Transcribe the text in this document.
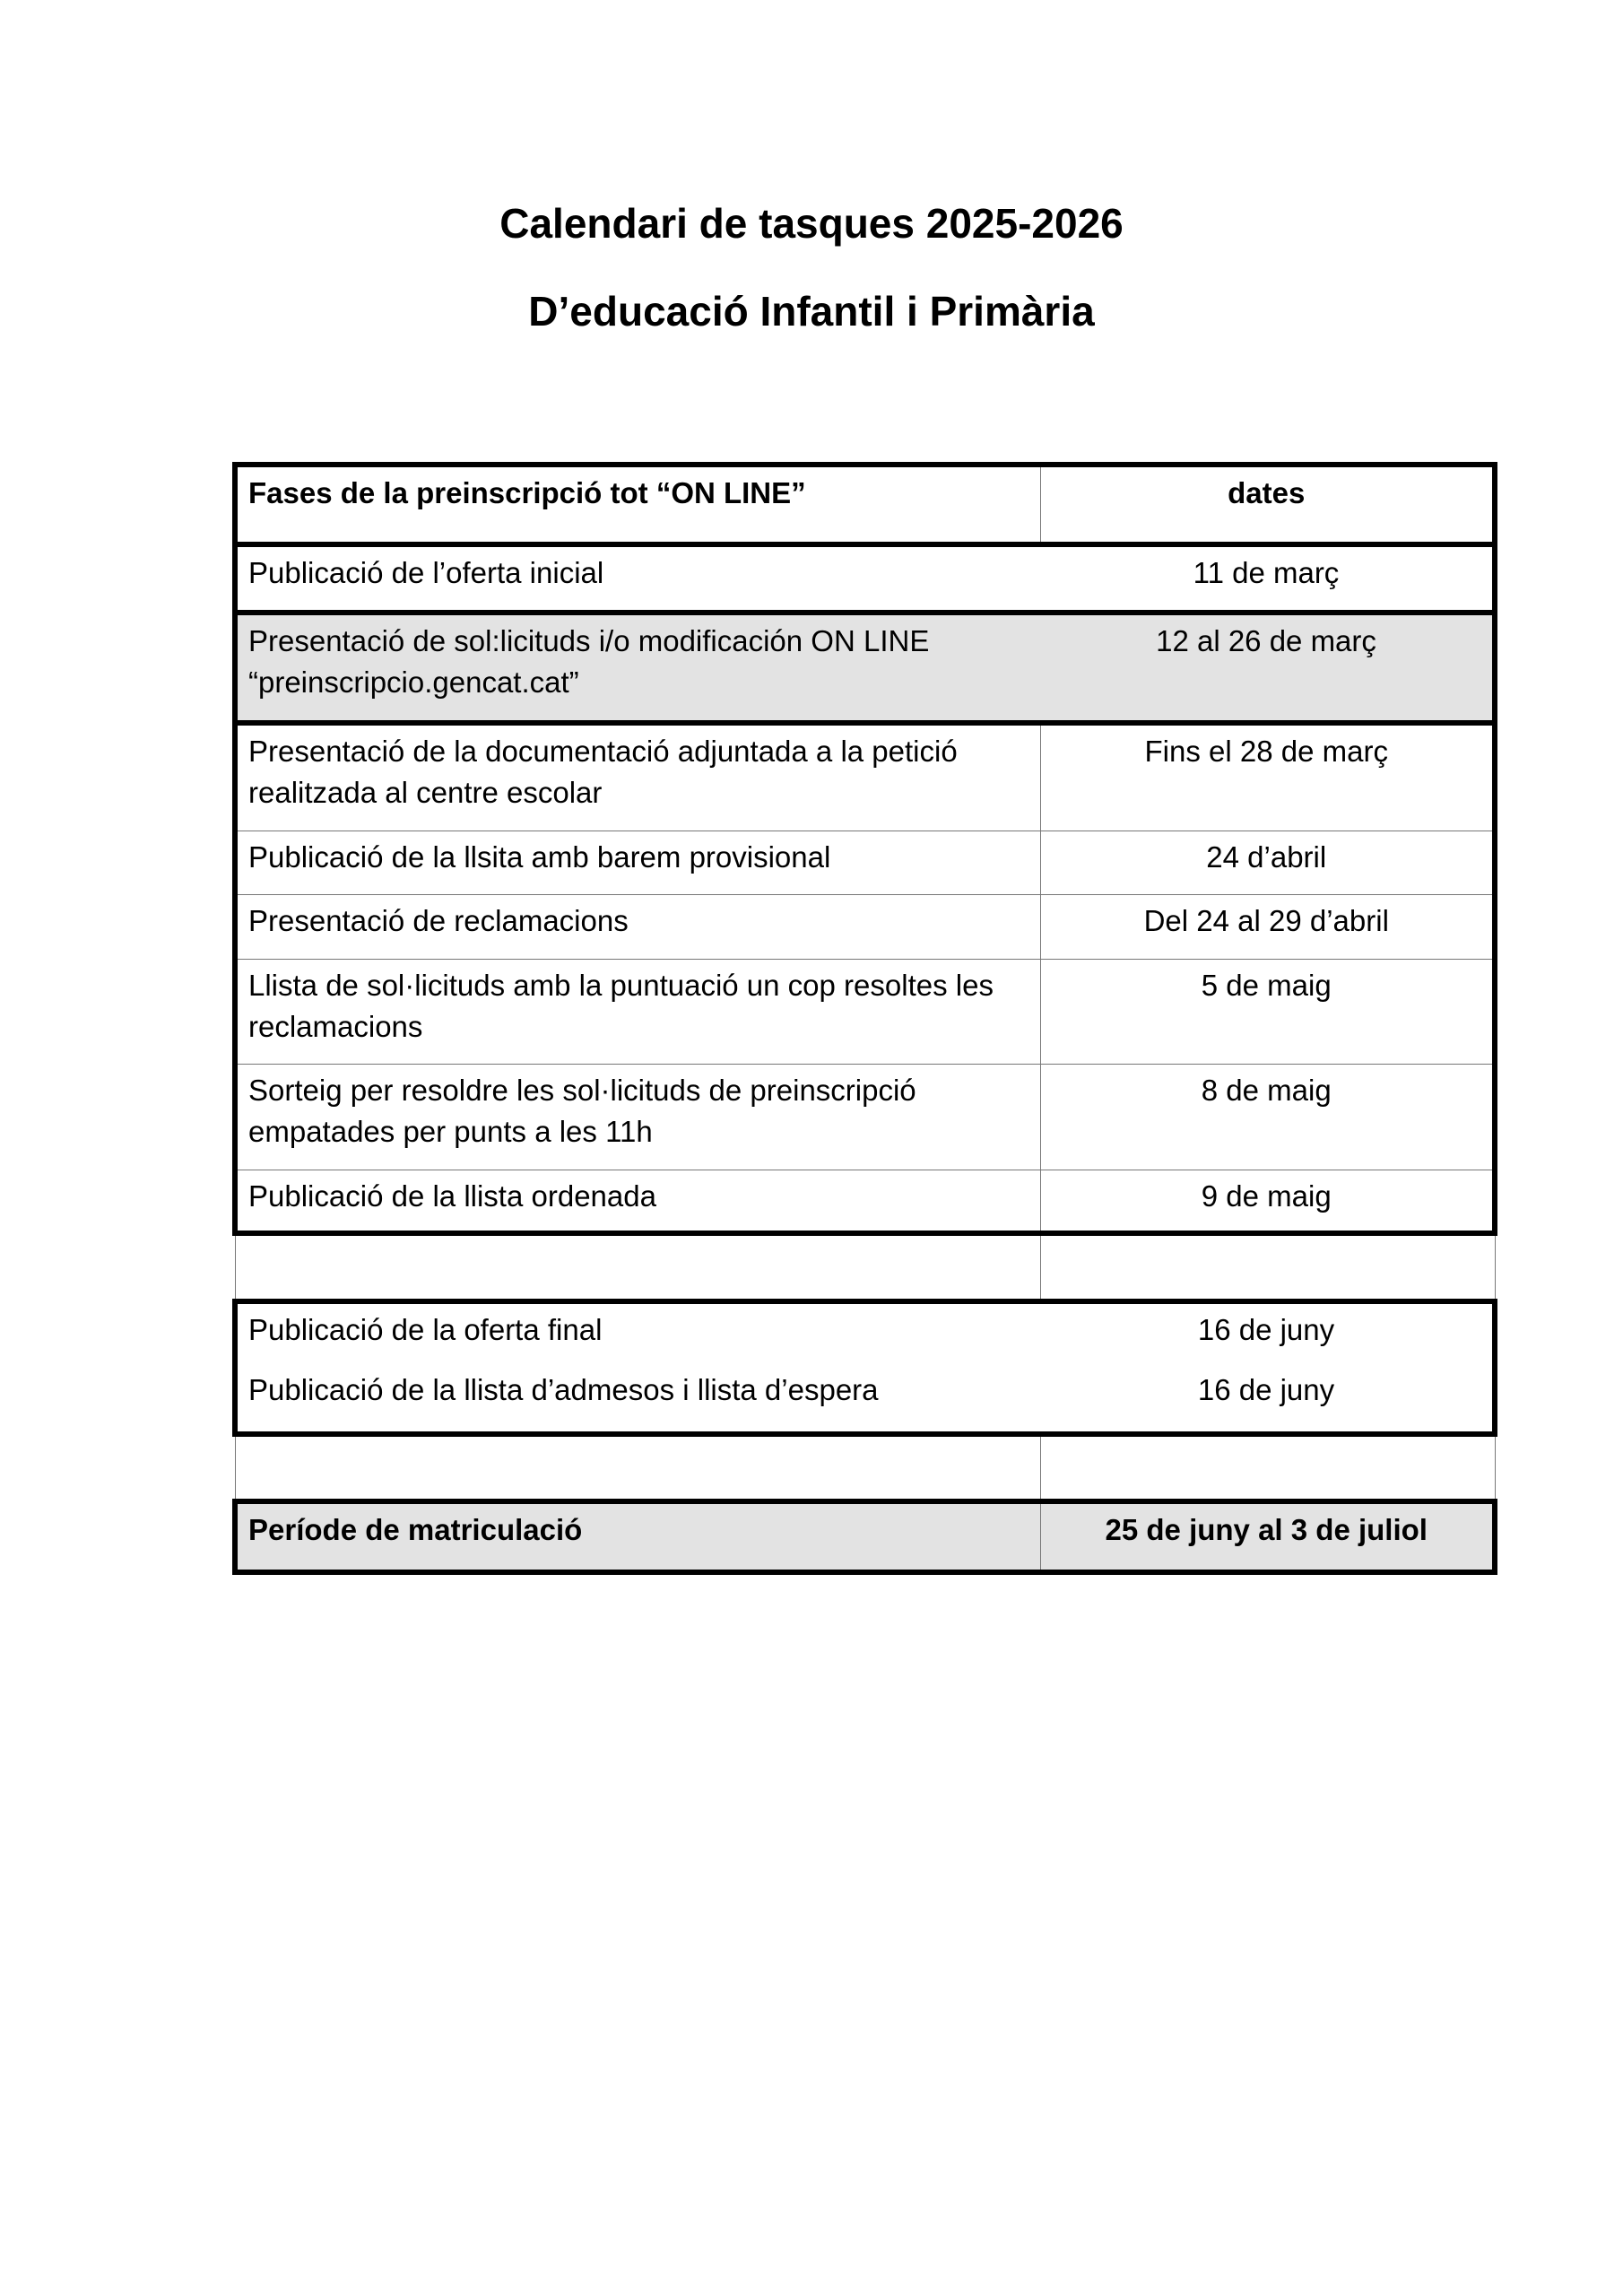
Calendari de tasques 2025-2026
D’educació Infantil i Primària
Fases de la preinscripció tot “ON LINE”	dates
Publicació de l’oferta inicial	11 de març
Presentació de sol:licituds i/o modificación ON LINE “preinscripcio.gencat.cat”	12 al 26 de març
Presentació de la documentació adjuntada a la petició realitzada al centre escolar	Fins el 28 de març
Publicació de la llsita amb barem provisional	24 d’abril
Presentació de reclamacions	Del 24 al 29 d’abril
Llista de sol·licituds amb la puntuació un cop resoltes les reclamacions	5 de maig
Sorteig per resoldre les sol·licituds de preinscripció empatades per punts a les 11h	8 de maig
Publicació de la llista ordenada	9 de maig

Publicació de la oferta final	16 de juny
Publicació de la llista d’admesos i llista d’espera	16 de juny

Període de matriculació	25 de juny al 3 de juliol
